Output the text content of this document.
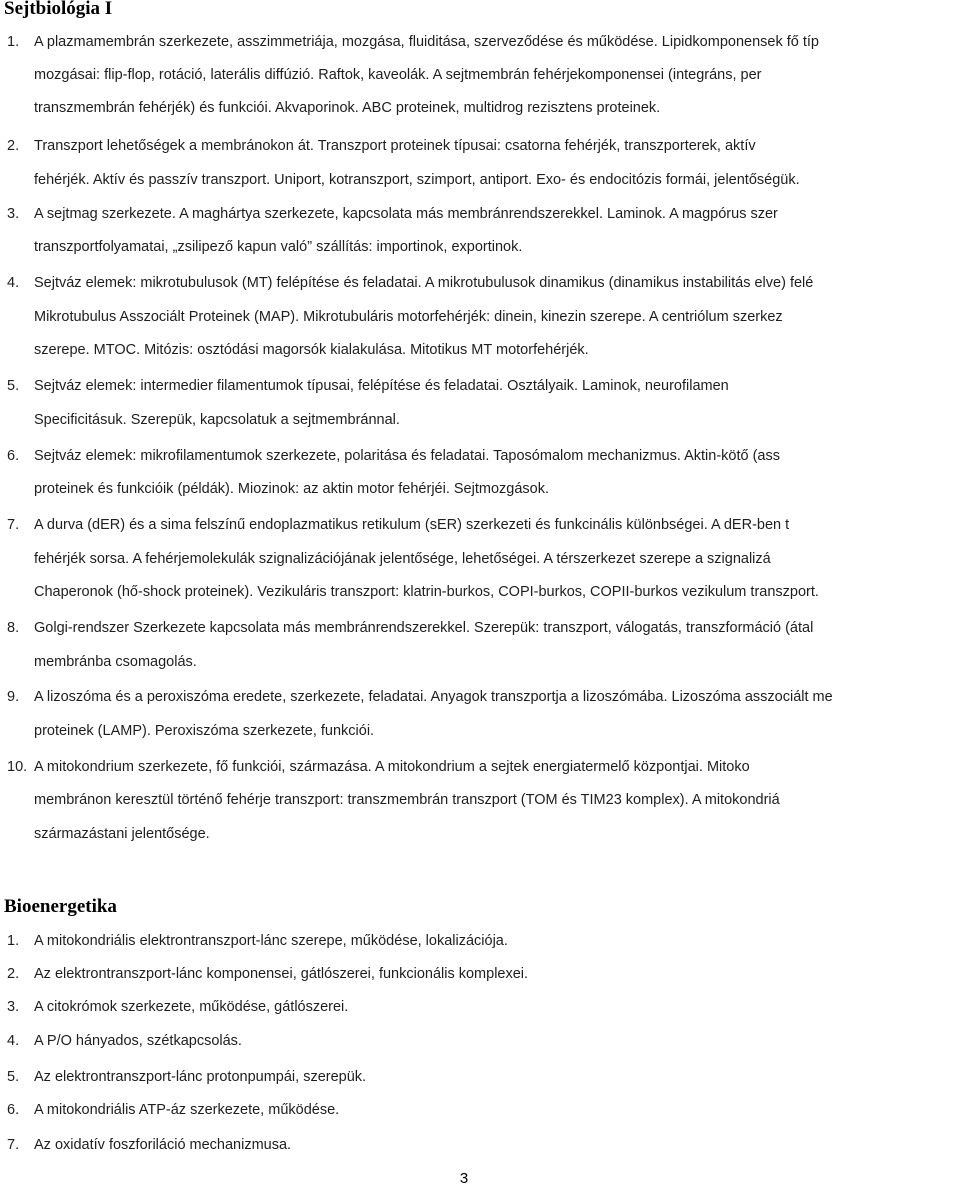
Sejtbiológia I
1. A plazmamembrán szerkezete, asszimmetriája, mozgása, fluiditása, szerveződése és működése. Lipidkomponensek fő típ
mozgásai: flip-flop, rotáció, laterális diffúzió. Raftok, kaveolák. A sejtmembrán fehérjekomponensei (integráns, per
transzmembrán fehérjék) és funkciói. Akvaporinok. ABC proteinek, multidrog rezisztens proteinek.
2. Transzport lehetőségek a membránokon át. Transzport proteinek típusai: csatorna fehérjék, transzporterek, aktív
fehérjék. Aktív és passzív transzport. Uniport, kotranszport, szimport, antiport. Exo- és endocitózis formái, jelentőségük.
3. A sejtmag szerkezete. A maghártya szerkezete, kapcsolata más membránrendszerekkel. Laminok. A magpórus szer
transzportfolyamatai, „zsilipező kapun való” szállítás: importinok, exportinok.
4. Sejtváz elemek: mikrotubulusok (MT) felépítése és feladatai. A mikrotubulusok dinamikus (dinamikus instabilitás elve) felé
Mikrotubulus Asszociált Proteinek (MAP). Mikrotubuláris motorfehérjék: dinein, kinezin szerepe. A centriólum szerkez
szerepe. MTOC. Mitózis: osztódási magorsók kialakulása. Mitotikus MT motorfehérjék.
5. Sejtváz elemek: intermedier filamentumok típusai, felépítése és feladatai. Osztályaik. Laminok, neurofilamen
Specificitásuk. Szerepük, kapcsolatuk a sejtmembránnal.
6. Sejtváz elemek: mikrofilamentumok szerkezete, polaritása és feladatai. Taposómalom mechanizmus. Aktin-kötő (ass
proteinek és funkcióik (példák). Miozinok: az aktin motor fehérjéi. Sejtmozgások.
7. A durva (dER) és a sima felszínű endoplazmatikus retikulum (sER) szerkezeti és funkcinális különbségei. A dER-ben t
fehérjék sorsa. A fehérjemolekulák szignalizációjának jelentősége, lehetőségei. A térszerkezet szerepe a szignalizá
Chaperonok (hő-shock proteinek). Vezikuláris transzport: klatrin-burkos, COPI-burkos, COPII-burkos vezikulum transzport.
8. Golgi-rendszer Szerkezete kapcsolata más membránrendszerekkel. Szerepük: transzport, válogatás, transzformáció (átal
membránba csomagolás.
9. A lizoszóma és a peroxiszóma eredete, szerkezete, feladatai. Anyagok transzportja a lizoszómába. Lizoszóma asszociált me
proteinek (LAMP). Peroxiszóma szerkezete, funkciói.
10. A mitokondrium szerkezete, fő funkciói, származása. A mitokondrium a sejtek energiatermelő központjai. Mitoko
membránon keresztül történő fehérje transzport: transzmembrán transzport (TOM és TIM23 komplex). A mitokondriá
származástani jelentősége.
Bioenergetika
1. A mitokondriális elektrontranszport-lánc szerepe, működése, lokalizációja.
2. Az elektrontranszport-lánc komponensei, gátlószerei, funkcionális komplexei.
3. A citokrómok szerkezete, működése, gátlószerei.
4. A P/O hányados, szétkapcsolás.
5. Az elektrontranszport-lánc protonpumpái, szerepük.
6. A mitokondriális ATP-áz szerkezete, működése.
7. Az oxidatív foszforiláció mechanizmusa.
3
